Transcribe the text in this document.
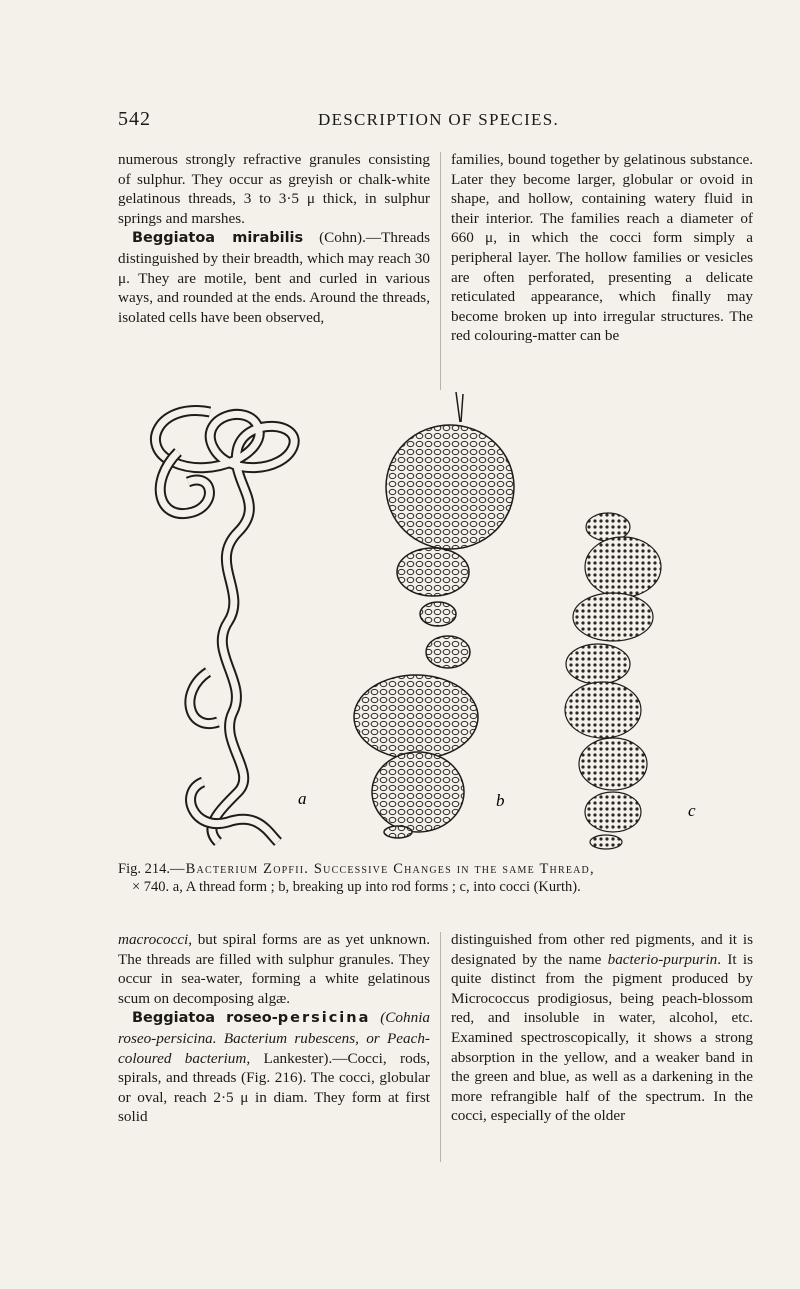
542	DESCRIPTION OF SPECIES.

numerous strongly refractive granules consisting of sulphur. They occur as greyish or chalk-white gelatinous threads, 3 to 3·5 μ thick, in sulphur springs and marshes.

Beggiatoa mirabilis (Cohn).—Threads distinguished by their breadth, which may reach 30 μ. They are motile, bent and curled in various ways, and rounded at the ends. Around the threads, isolated cells have been observed,

families, bound together by gelatinous substance. Later they become larger, globular or ovoid in shape, and hollow, containing watery fluid in their interior. The families reach a diameter of 660 μ, in which the cocci form simply a peripheral layer. The hollow families or vesicles are often perforated, presenting a delicate reticulated appearance, which finally may become broken up into irregular structures. The red colouring-matter can be

a	b
c
Fig. 214.—Bacterium Zopfii. Successive Changes in the same Thread,
× 740. a, A thread form ; b, breaking up into rod forms ; c, into cocci (Kurth).

macrococci, but spiral forms are as yet unknown. The threads are filled with sulphur granules. They occur in sea-water, forming a white gelatinous scum on decomposing algæ.

Beggiatoa roseo-persicina (Cohnia roseo-persicina. Bacterium rubescens, or Peach-coloured bacterium, Lankester).—Cocci, rods, spirals, and threads (Fig. 216). The cocci, globular or oval, reach 2·5 μ in diam. They form at first solid

distinguished from other red pigments, and it is designated by the name bacterio-purpurin. It is quite distinct from the pigment produced by Micrococcus prodigiosus, being peach-blossom red, and insoluble in water, alcohol, etc. Examined spectroscopically, it shows a strong absorption in the yellow, and a weaker band in the green and blue, as well as a darkening in the more refrangible half of the spectrum. In the cocci, especially of the older
